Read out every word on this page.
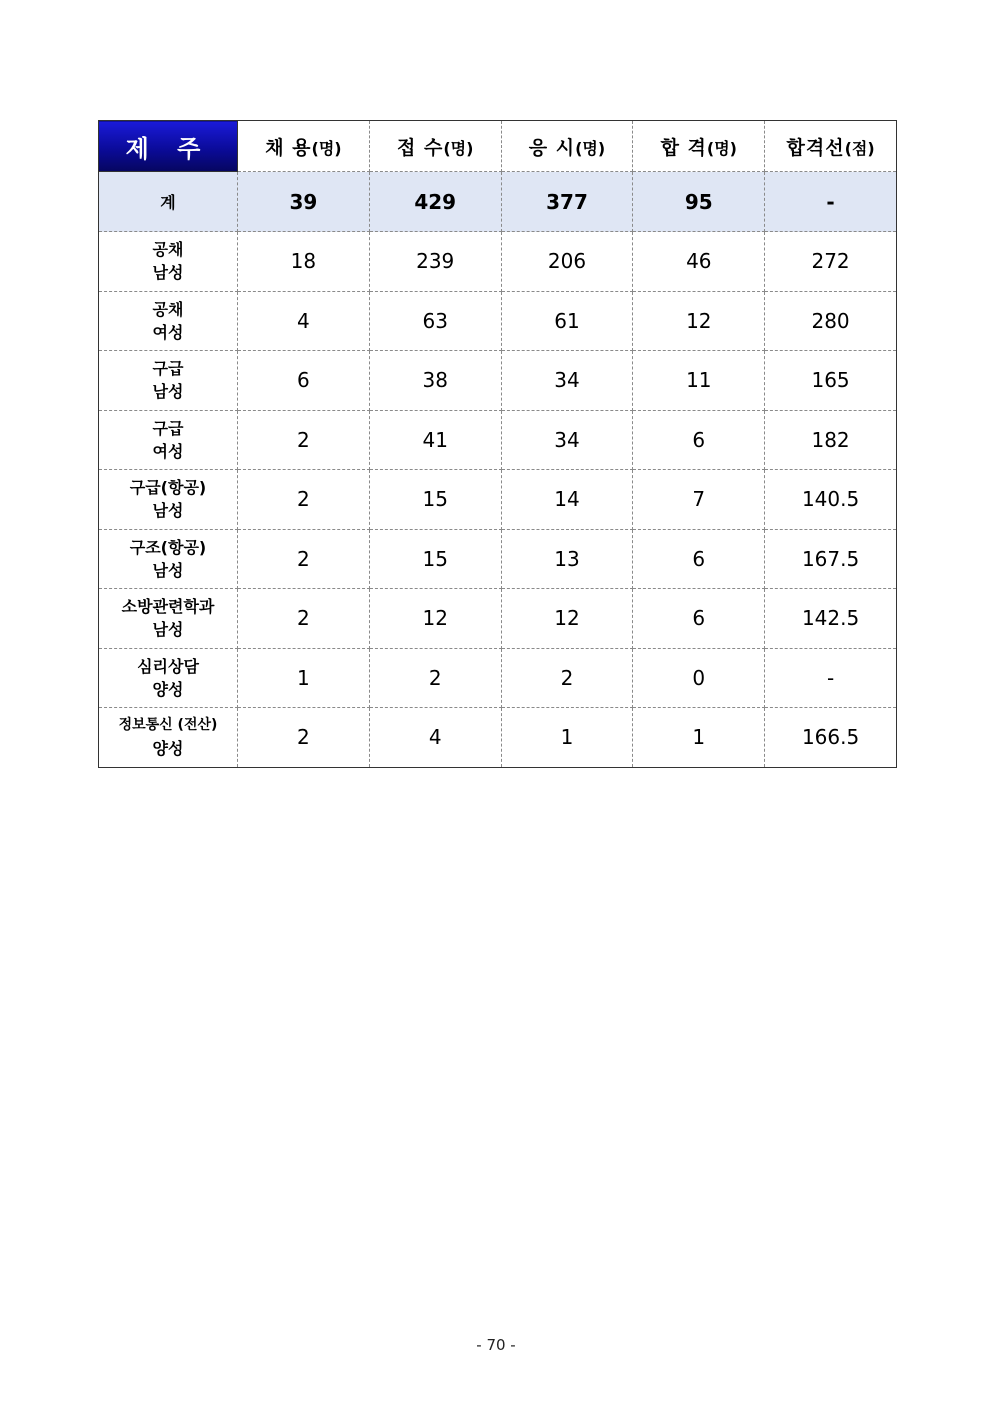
제 주	채 용(명)	접 수(명)	응 시(명)	합 격(명)	합격선(점)
계	39	429	377	95	-

공채
남성	18	239	206	46	272

공채
여성	4	63	61	12	280

구급
남성	6	38	34	11	165

구급
여성	2	41	34	6	182

구급(항공)
남성	2	15	14	7	140.5

구조(항공)
남성	2	15	13	6	167.5

소방관련학과
남성	2	12	12	6	142.5

심리상담
양성	1	2	2	0	-

정보통신 (전산)
양성	2	4	1	1	166.5
- 70 -
